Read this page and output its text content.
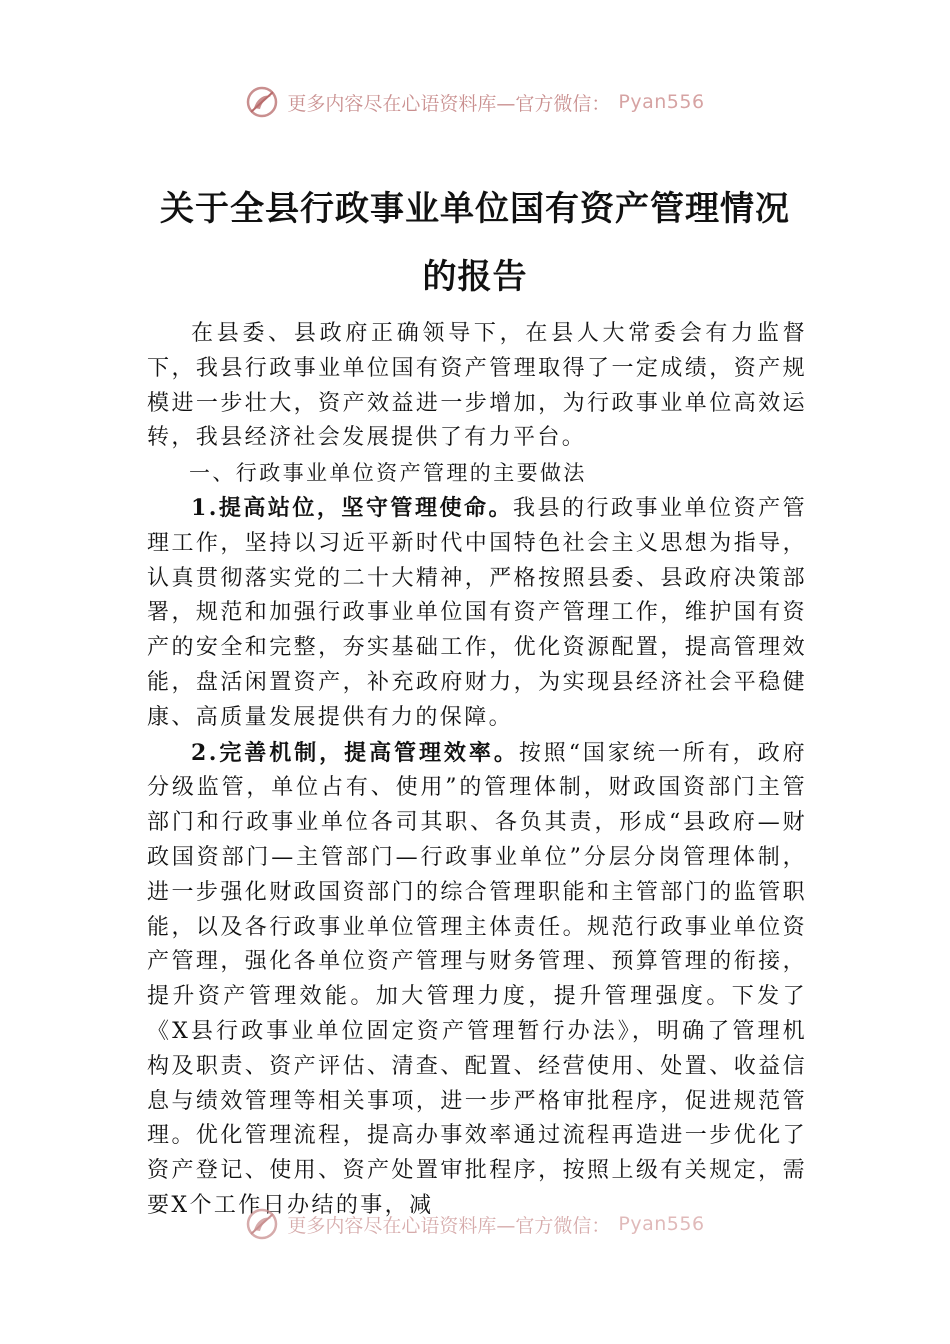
更多内容尽在心语资料库—官方微信： Pyan556
关于全县行政事业单位国有资产管理情况
的报告

在县委、县政府正确领导下，在县人大常委会有力监督下，我县行政事业单位国有资产管理取得了一定成绩，资产规模进一步壮大，资产效益进一步增加，为行政事业单位高效运转，我县经济社会发展提供了有力平台。

一、行政事业单位资产管理的主要做法

1.提高站位，坚守管理使命。我县的行政事业单位资产管理工作，坚持以习近平新时代中国特色社会主义思想为指导，认真贯彻落实党的二十大精神，严格按照县委、县政府决策部署，规范和加强行政事业单位国有资产管理工作，维护国有资产的安全和完整，夯实基础工作，优化资源配置，提高管理效能，盘活闲置资产，补充政府财力，为实现县经济社会平稳健康、高质量发展提供有力的保障。

2.完善机制，提高管理效率。按照“国家统一所有，政府分级监管，单位占有、使用”的管理体制，财政国资部门主管部门和行政事业单位各司其职、各负其责，形成“县政府—财政国资部门—主管部门—行政事业单位”分层分岗管理体制，进一步强化财政国资部门的综合管理职能和主管部门的监管职能，以及各行政事业单位管理主体责任。规范行政事业单位资产管理，强化各单位资产管理与财务管理、预算管理的衔接，提升资产管理效能。加大管理力度，提升管理强度。下发了《X县行政事业单位固定资产管理暂行办法》，明确了管理机构及职责、资产评估、清查、配置、经营使用、处置、收益信息与绩效管理等相关事项，进一步严格审批程序，促进规范管理。优化管理流程，提高办事效率通过流程再造进一步优化了资产登记、使用、资产处置审批程序，按照上级有关规定，需要X个工作日办结的事，减

更多内容尽在心语资料库—官方微信： Pyan556
